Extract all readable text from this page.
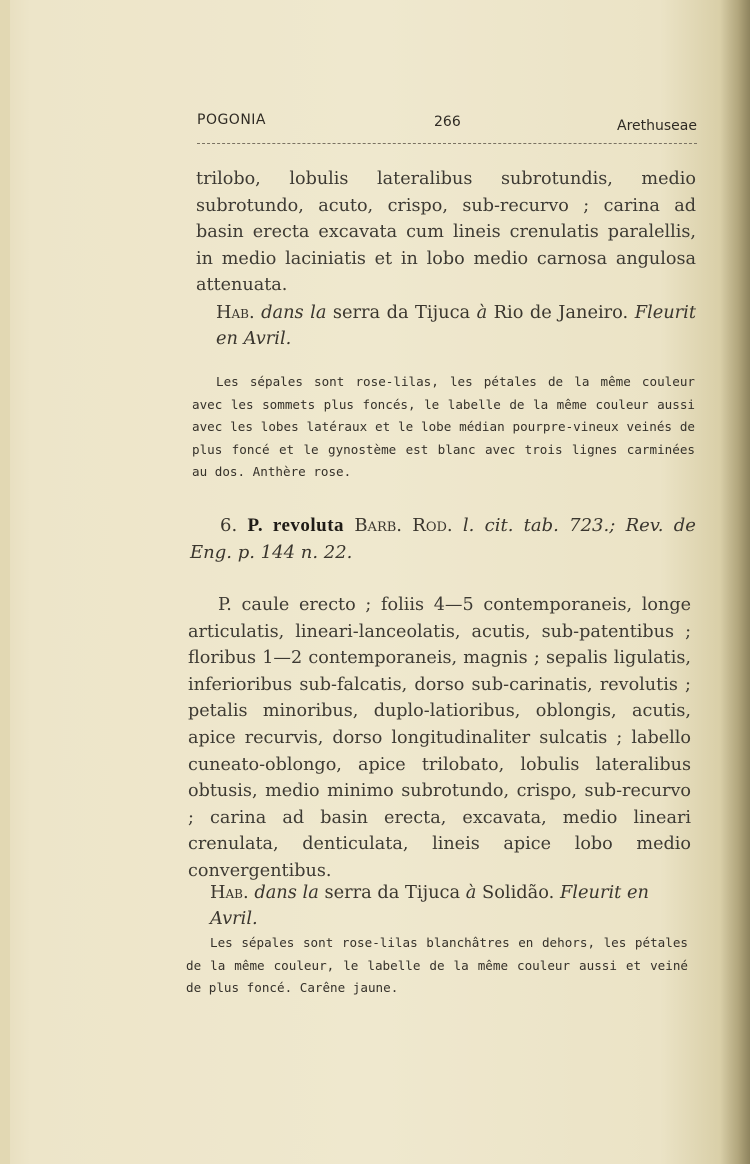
POGONIA	266	Arethuseae

trilobo, lobulis lateralibus subrotundis, medio subrotundo, acuto, crispo, sub-recurvo ; carina ad basin erecta excavata cum lineis crenulatis paralellis, in medio laciniatis et in lobo medio carnosa angulosa attenuata.

Hab. dans la serra da Tijuca à Rio de Janeiro. Fleurit en Avril.
Les sépales sont rose-lilas, les pétales de la même couleur avec les sommets plus foncés, le labelle de la même couleur aussi avec les lobes latéraux et le lobe médian pourpre-vineux veinés de plus foncé et le gynostème est blanc avec trois lignes carminées au dos. Anthère rose.
6. P. revoluta Barb. Rod. l. cit. tab. 723.; Rev. de Eng. p. 144 n. 22.

P. caule erecto ; foliis 4—5 contemporaneis, longe articulatis, lineari-lanceolatis, acutis, sub-patentibus ; floribus 1—2 contemporaneis, magnis ; sepalis ligulatis, inferioribus sub-falcatis, dorso sub-carinatis, revolutis ; petalis minoribus, duplo-latioribus, oblongis, acutis, apice recurvis, dorso longitudinaliter sulcatis ; labello cuneato-oblongo, apice trilobato, lobulis lateralibus obtusis, medio minimo subrotundo, crispo, sub-recurvo ; carina ad basin erecta, excavata, medio lineari crenulata, denticulata, lineis apice lobo medio convergentibus.

Hab. dans la serra da Tijuca à Solidão. Fleurit en Avril.
Les sépales sont rose-lilas blanchâtres en dehors, les pétales de la même couleur, le labelle de la même couleur aussi et veiné de plus foncé. Carêne jaune.
